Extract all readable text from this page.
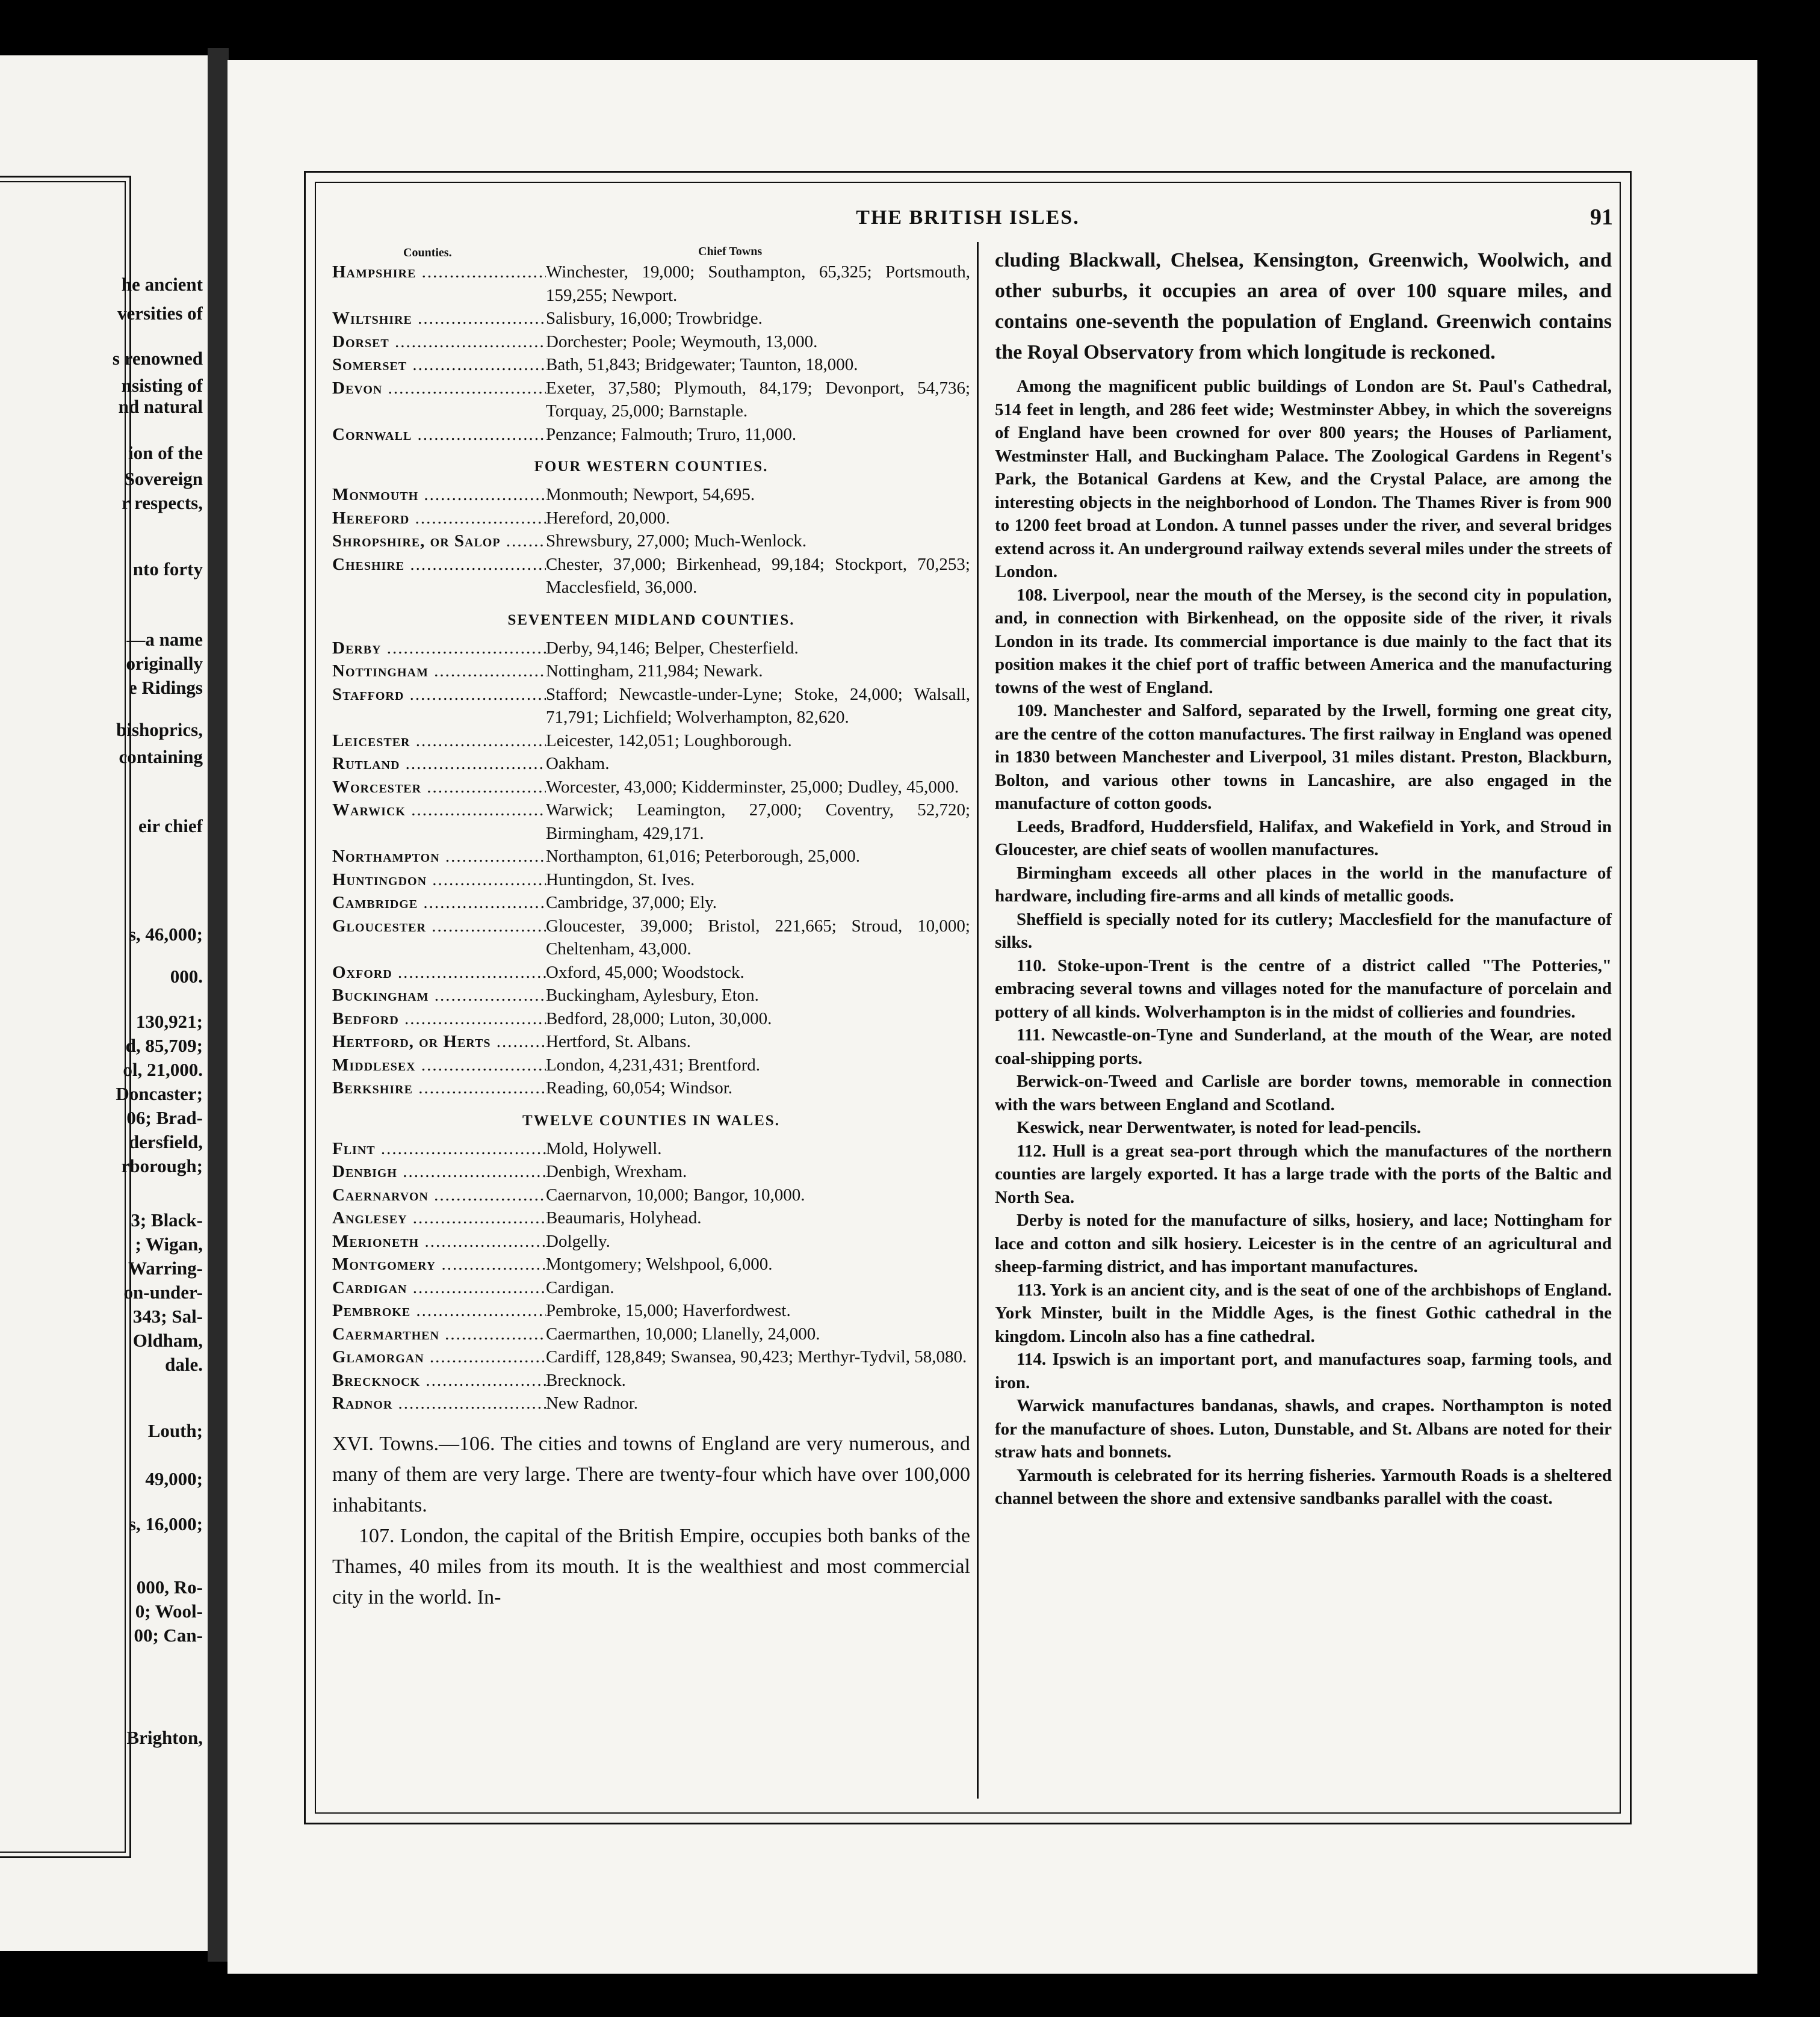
he ancient
versities of
s renowned
nsisting of
nd natural
ion of the
Sovereign
r respects,
nto forty
—a name
originally
e Ridings
bishoprics,
containing
eir chief
s, 46,000;
000.
130,921;
d, 85,709;
ol, 21,000.
Doncaster;
06; Brad-
dersfield,
rborough;
3; Black-
; Wigan,
Warring-
on-under-
343; Sal-
Oldham,
dale.
Louth;
49,000;
s, 16,000;
000, Ro-
0; Wool-
00; Can-
Brighton,
THE BRITISH ISLES.	91
Counties.	Chief Towns
Hampshire .....	Winchester, 19,000; Southampton, 65,325; Portsmouth, 159,255; Newport.
Wiltshire .....	Salisbury, 16,000; Trowbridge.
Dorset .....	Dorchester; Poole; Weymouth, 13,000.
Somerset .....	Bath, 51,843; Bridgewater; Taunton, 18,000.
Devon .....	Exeter, 37,580; Plymouth, 84,179; Devonport, 54,736; Torquay, 25,000; Barnstaple.
Cornwall .....	Penzance; Falmouth; Truro, 11,000.
FOUR WESTERN COUNTIES.
Monmouth .....	Monmouth; Newport, 54,695.
Hereford .....	Hereford, 20,000.
Shropshire, or Salop .....	Shrewsbury, 27,000; Much-Wenlock.
Cheshire .....	Chester, 37,000; Birkenhead, 99,184; Stockport, 70,253; Macclesfield, 36,000.
SEVENTEEN MIDLAND COUNTIES.
Derby .....	Derby, 94,146; Belper, Chesterfield.
Nottingham .....	Nottingham, 211,984; Newark.
Stafford .....	Stafford; Newcastle-under-Lyne; Stoke, 24,000; Walsall, 71,791; Lichfield; Wolverhampton, 82,620.
Leicester .....	Leicester, 142,051; Loughborough.
Rutland .....	Oakham.
Worcester .....	Worcester, 43,000; Kidderminster, 25,000; Dudley, 45,000.
Warwick .....	Warwick; Leamington, 27,000; Coventry, 52,720; Birmingham, 429,171.
Northampton .....	Northampton, 61,016; Peterborough, 25,000.
Huntingdon .....	Huntingdon, St. Ives.
Cambridge .....	Cambridge, 37,000; Ely.
Gloucester .....	Gloucester, 39,000; Bristol, 221,665; Stroud, 10,000; Cheltenham, 43,000.
Oxford .....	Oxford, 45,000; Woodstock.
Buckingham .....	Buckingham, Aylesbury, Eton.
Bedford .....	Bedford, 28,000; Luton, 30,000.
Hertford, or Herts .....	Hertford, St. Albans.
Middlesex .....	London, 4,231,431; Brentford.
Berkshire .....	Reading, 60,054; Windsor.
TWELVE COUNTIES IN WALES.
Flint .....	Mold, Holywell.
Denbigh .....	Denbigh, Wrexham.
Caernarvon .....	Caernarvon, 10,000; Bangor, 10,000.
Anglesey .....	Beaumaris, Holyhead.
Merioneth .....	Dolgelly.
Montgomery .....	Montgomery; Welshpool, 6,000.
Cardigan .....	Cardigan.
Pembroke .....	Pembroke, 15,000; Haverfordwest.
Caermarthen .....	Caermarthen, 10,000; Llanelly, 24,000.
Glamorgan .....	Cardiff, 128,849; Swansea, 90,423; Merthyr-Tydvil, 58,080.
Brecknock .....	Brecknock.
Radnor .....	New Radnor.

XVI. Towns.—106. The cities and towns of England are very numerous, and many of them are very large. There are twenty-four which have over 100,000 inhabitants.

107. London, the capital of the British Empire, occupies both banks of the Thames, 40 miles from its mouth. It is the wealthiest and most commercial city in the world. In-

cluding Blackwall, Chelsea, Kensington, Greenwich, Woolwich, and other suburbs, it occupies an area of over 100 square miles, and contains one-seventh the population of England. Greenwich contains the Royal Observatory from which longitude is reckoned.

Among the magnificent public buildings of London are St. Paul's Cathedral, 514 feet in length, and 286 feet wide; Westminster Abbey, in which the sovereigns of England have been crowned for over 800 years; the Houses of Parliament, Westminster Hall, and Buckingham Palace. The Zoological Gardens in Regent's Park, the Botanical Gardens at Kew, and the Crystal Palace, are among the interesting objects in the neighborhood of London. The Thames River is from 900 to 1200 feet broad at London. A tunnel passes under the river, and several bridges extend across it. An underground railway extends several miles under the streets of London.

108. Liverpool, near the mouth of the Mersey, is the second city in population, and, in connection with Birkenhead, on the opposite side of the river, it rivals London in its trade. Its commercial importance is due mainly to the fact that its position makes it the chief port of traffic between America and the manufacturing towns of the west of England.

109. Manchester and Salford, separated by the Irwell, forming one great city, are the centre of the cotton manufactures. The first railway in England was opened in 1830 between Manchester and Liverpool, 31 miles distant. Preston, Blackburn, Bolton, and various other towns in Lancashire, are also engaged in the manufacture of cotton goods.

Leeds, Bradford, Huddersfield, Halifax, and Wakefield in York, and Stroud in Gloucester, are chief seats of woollen manufactures.

Birmingham exceeds all other places in the world in the manufacture of hardware, including fire-arms and all kinds of metallic goods.

Sheffield is specially noted for its cutlery; Macclesfield for the manufacture of silks.

110. Stoke-upon-Trent is the centre of a district called "The Potteries," embracing several towns and villages noted for the manufacture of porcelain and pottery of all kinds. Wolverhampton is in the midst of collieries and foundries.

111. Newcastle-on-Tyne and Sunderland, at the mouth of the Wear, are noted coal-shipping ports.

Berwick-on-Tweed and Carlisle are border towns, memorable in connection with the wars between England and Scotland.

Keswick, near Derwentwater, is noted for lead-pencils.

112. Hull is a great sea-port through which the manufactures of the northern counties are largely exported. It has a large trade with the ports of the Baltic and North Sea.

Derby is noted for the manufacture of silks, hosiery, and lace; Nottingham for lace and cotton and silk hosiery. Leicester is in the centre of an agricultural and sheep-farming district, and has important manufactures.

113. York is an ancient city, and is the seat of one of the archbishops of England. York Minster, built in the Middle Ages, is the finest Gothic cathedral in the kingdom. Lincoln also has a fine cathedral.

114. Ipswich is an important port, and manufactures soap, farming tools, and iron.

Warwick manufactures bandanas, shawls, and crapes. Northampton is noted for the manufacture of shoes. Luton, Dunstable, and St. Albans are noted for their straw hats and bonnets.

Yarmouth is celebrated for its herring fisheries. Yarmouth Roads is a sheltered channel between the shore and extensive sandbanks parallel with the coast.
